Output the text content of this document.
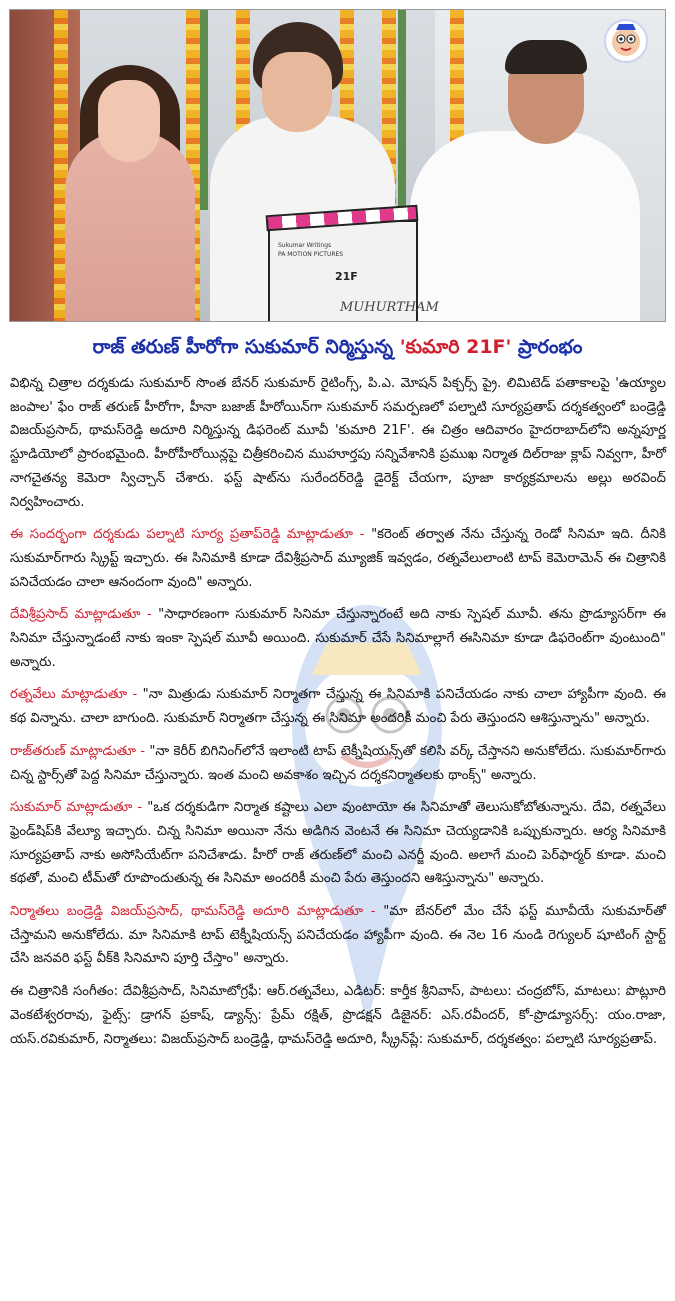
Sukumar Writings
PA MOTION PICTURES
21F
MUHURTHAM
రాజ్ తరుణ్ హీరోగా సుకుమార్ నిర్మిస్తున్న 'కుమారి 21F' ప్రారంభం

విభిన్న చిత్రాల దర్శకుడు సుకుమార్ సొంత బేనర్ సుకుమార్ రైటింగ్స్, పి.ఎ. మోషన్ పిక్చర్స్ ప్రై. లిమిటెడ్ పతాకాలపై 'ఉయ్యాల జంపాల' ఫేం రాజ్ తరుణ్ హీరోగా, హీనా బజాజ్ హీరోయిన్‌గా సుకుమార్ సమర్పణలో పల్నాటి సూర్యప్రతాప్ దర్శకత్వంలో బండ్రెడ్డి విజయ్‌ప్రసాద్, థామస్‌రెడ్డి అదూరి నిర్మిస్తున్న డిఫరెంట్ మూవీ 'కుమారి 21F'. ఈ చిత్రం ఆదివారం హైదరాబాద్‌లోని అన్నపూర్ణ స్టూడియోలో ప్రారంభమైంది. హీరోహీరోయిన్లపై చిత్రీకరించిన ముహూర్తపు సన్నివేశానికి ప్రముఖ నిర్మాత దిల్‌రాజు క్లాప్ నివ్వగా, హీరో నాగచైతన్య కెమెరా స్విచ్చాన్ చేశారు. ఫస్ట్ షాట్‌ను సురేందర్‌రెడ్డి డైరెక్ట్ చేయగా, పూజా కార్యక్రమాలను అల్లు అరవింద్ నిర్వహించారు.

ఈ సందర్భంగా దర్శకుడు పల్నాటి సూర్య ప్రతాప్‌రెడ్డి మాట్లాడుతూ - "కరెంట్ తర్వాత నేను చేస్తున్న రెండో సినిమా ఇది. దీనికి సుకుమార్‌గారు స్క్రిప్ట్ ఇచ్చారు. ఈ సినిమాకి కూడా దేవిశ్రీప్రసాద్ మ్యూజిక్ ఇవ్వడం, రత్నవేలులాంటి టాప్ కెమెరామెన్ ఈ చిత్రానికి పనిచేయడం చాలా ఆనందంగా వుంది" అన్నారు.

దేవిశ్రీప్రసాద్ మాట్లాడుతూ - "సాధారణంగా సుకుమార్ సినిమా చేస్తున్నారంటే అది నాకు స్పెషల్ మూవీ. తను ప్రొడ్యూసర్‌గా ఈ సినిమా చేస్తున్నాడంటే నాకు ఇంకా స్పెషల్ మూవీ అయింది. సుకుమార్ చేసే సినిమాల్లాగే ఈసినిమా కూడా డిఫరెంట్‌గా వుంటుంది" అన్నారు.

రత్నవేలు మాట్లాడుతూ - "నా మిత్రుడు సుకుమార్ నిర్మాతగా చేస్తున్న ఈ సినిమాకి పనిచేయడం నాకు చాలా హ్యాపీగా వుంది. ఈ కథ విన్నాను. చాలా బాగుంది. సుకుమార్ నిర్మాతగా చేస్తున్న ఈ సినిమా అందరికీ మంచి పేరు తెస్తుందని ఆశిస్తున్నాను" అన్నారు.

రాజ్‌తరుణ్ మాట్లాడుతూ - "నా కెరీర్ బిగినింగ్‌లోనే ఇలాంటి టాప్ టెక్నీషియన్స్‌తో కలిసి వర్క్ చేస్తానని అనుకోలేదు. సుకుమార్‌గారు చిన్న స్టార్స్‌తో పెద్ద సినిమా చేస్తున్నారు. ఇంత మంచి అవకాశం ఇచ్చిన దర్శకనిర్మాతలకు థాంక్స్" అన్నారు.

సుకుమార్ మాట్లాడుతూ - "ఒక దర్శకుడిగా నిర్మాత కష్టాలు ఎలా వుంటాయో ఈ సినిమాతో తెలుసుకోబోతున్నాను. దేవి, రత్నవేలు ఫ్రెండ్‌షిప్‌కి వేల్యూ ఇచ్చారు. చిన్న సినిమా అయినా నేను అడిగిన వెంటనే ఈ సినిమా చెయ్యడానికి ఒప్పుకున్నారు. ఆర్య సినిమాకి సూర్యప్రతాప్ నాకు అసోసియేట్‌గా పనిచేశాడు. హీరో రాజ్ తరుణ్‌లో మంచి ఎనర్జీ వుంది. అలాగే మంచి పెర్‌ఫార్మర్ కూడా. మంచి కథతో, మంచి టీమ్‌తో రూపొందుతున్న ఈ సినిమా అందరికీ మంచి పేరు తెస్తుందని ఆశిస్తున్నాను" అన్నారు.

నిర్మాతలు బండ్రెడ్డి విజయ్‌ప్రసాద్, థామస్‌రెడ్డి అదూరి మాట్లాడుతూ - "మా బేనర్‌లో మేం చేసే ఫస్ట్ మూవీయే సుకుమార్‌తో చేస్తామని అనుకోలేదు. మా సినిమాకి టాప్ టెక్నీషియన్స్ పనిచేయడం హ్యాపీగా వుంది. ఈ నెల 16 నుండి రెగ్యులర్ షూటింగ్ స్టార్ట్ చేసి జనవరి ఫస్ట్ వీక్‌కి సినిమాని పూర్తి చేస్తాం" అన్నారు.

ఈ చిత్రానికి సంగీతం: దేవిశ్రీప్రసాద్, సినిమాటోగ్రఫీ: ఆర్.రత్నవేలు, ఎడిటర్: కార్తీక శ్రీనివాస్, పాటలు: చంద్రబోస్, మాటలు: పొట్లూరి వెంకటేశ్వరరావు, ఫైట్స్: డ్రాగన్ ప్రకాష్, డ్యాన్స్: ప్రేమ్ రక్షిత్, ప్రొడక్షన్ డిజైనర్: ఎస్.రవీందర్, కో-ప్రొడ్యూసర్స్: యం.రాజా, యస్.రవికుమార్, నిర్మాతలు: విజయ్‌ప్రసాద్ బండ్రెడ్డి, థామస్‌రెడ్డి అదూరి, స్క్రీన్‌ప్లే: సుకుమార్, దర్శకత్వం: పల్నాటి సూర్యప్రతాప్.
